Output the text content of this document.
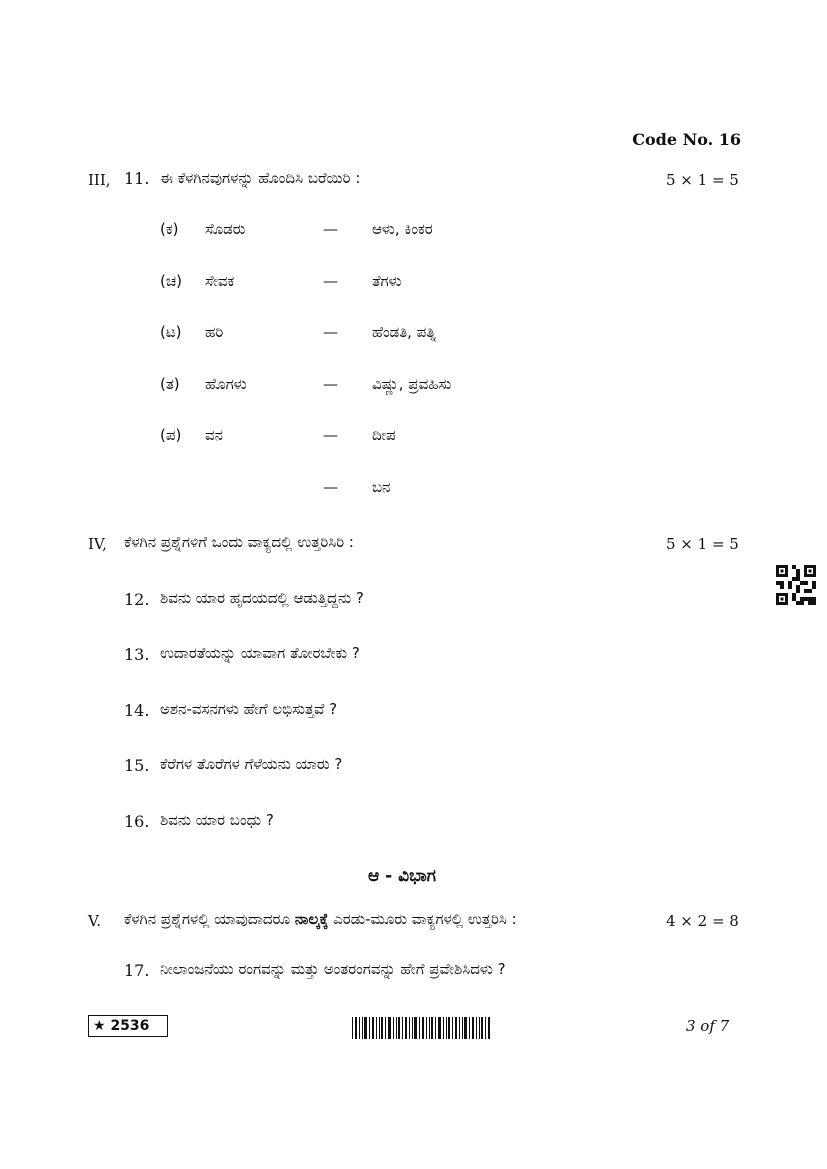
Code No. 16
III, 11. ಈ ಕೆಳಗಿನವುಗಳನ್ನು ಹೊಂದಿಸಿ ಬರೆಯಿರಿ :	5 × 1 = 5
(ಕ) ಸೊಡರು	— ಆಳು, ಕಿಂಕರ
(ಚ) ಸೇವಕ	— ತೆಗಳು
(ಟ) ಹರಿ	— ಹೆಂಡತಿ, ಪತ್ನಿ
(ತ) ಹೊಗಳು	— ವಿಷ್ಣು, ಪ್ರವಹಿಸು
(ಪ) ವನ	— ದೀಪ
— ಬನ
IV, ಕೆಳಗಿನ ಪ್ರಶ್ನೆಗಳಿಗೆ ಒಂದು ವಾಕ್ಯದಲ್ಲಿ ಉತ್ತರಿಸಿರಿ :	5 × 1 = 5
12. ಶಿವನು ಯಾರ ಹೃದಯದಲ್ಲಿ ಆಡುತ್ತಿದ್ದನು ?
13. ಉದಾರತೆಯನ್ನು ಯಾವಾಗ ತೋರಬೇಕು ?
14. ಅಶನ-ವಸನಗಳು ಹೇಗೆ ಲಭಿಸುತ್ತವೆ ?
15. ಕೆರೆಗಳ ತೊರೆಗಳ ಗೆಳೆಯನು ಯಾರು ?
16. ಶಿವನು ಯಾರ ಬಂಧು ?
ಆ - ವಿಭಾಗ
V. ಕೆಳಗಿನ ಪ್ರಶ್ನೆಗಳಲ್ಲಿ ಯಾವುದಾದರೂ ನಾಲ್ಕಕ್ಕೆ ಎರಡು-ಮೂರು ವಾಕ್ಯಗಳಲ್ಲಿ ಉತ್ತರಿಸಿ :	4 × 2 = 8
17. ನೀಲಾಂಜನೆಯು ರಂಗವನ್ನು ಮತ್ತು ಅಂತರಂಗವನ್ನು ಹೇಗೆ ಪ್ರವೇಶಿಸಿದಳು ?
★ 2536	3 of 7
